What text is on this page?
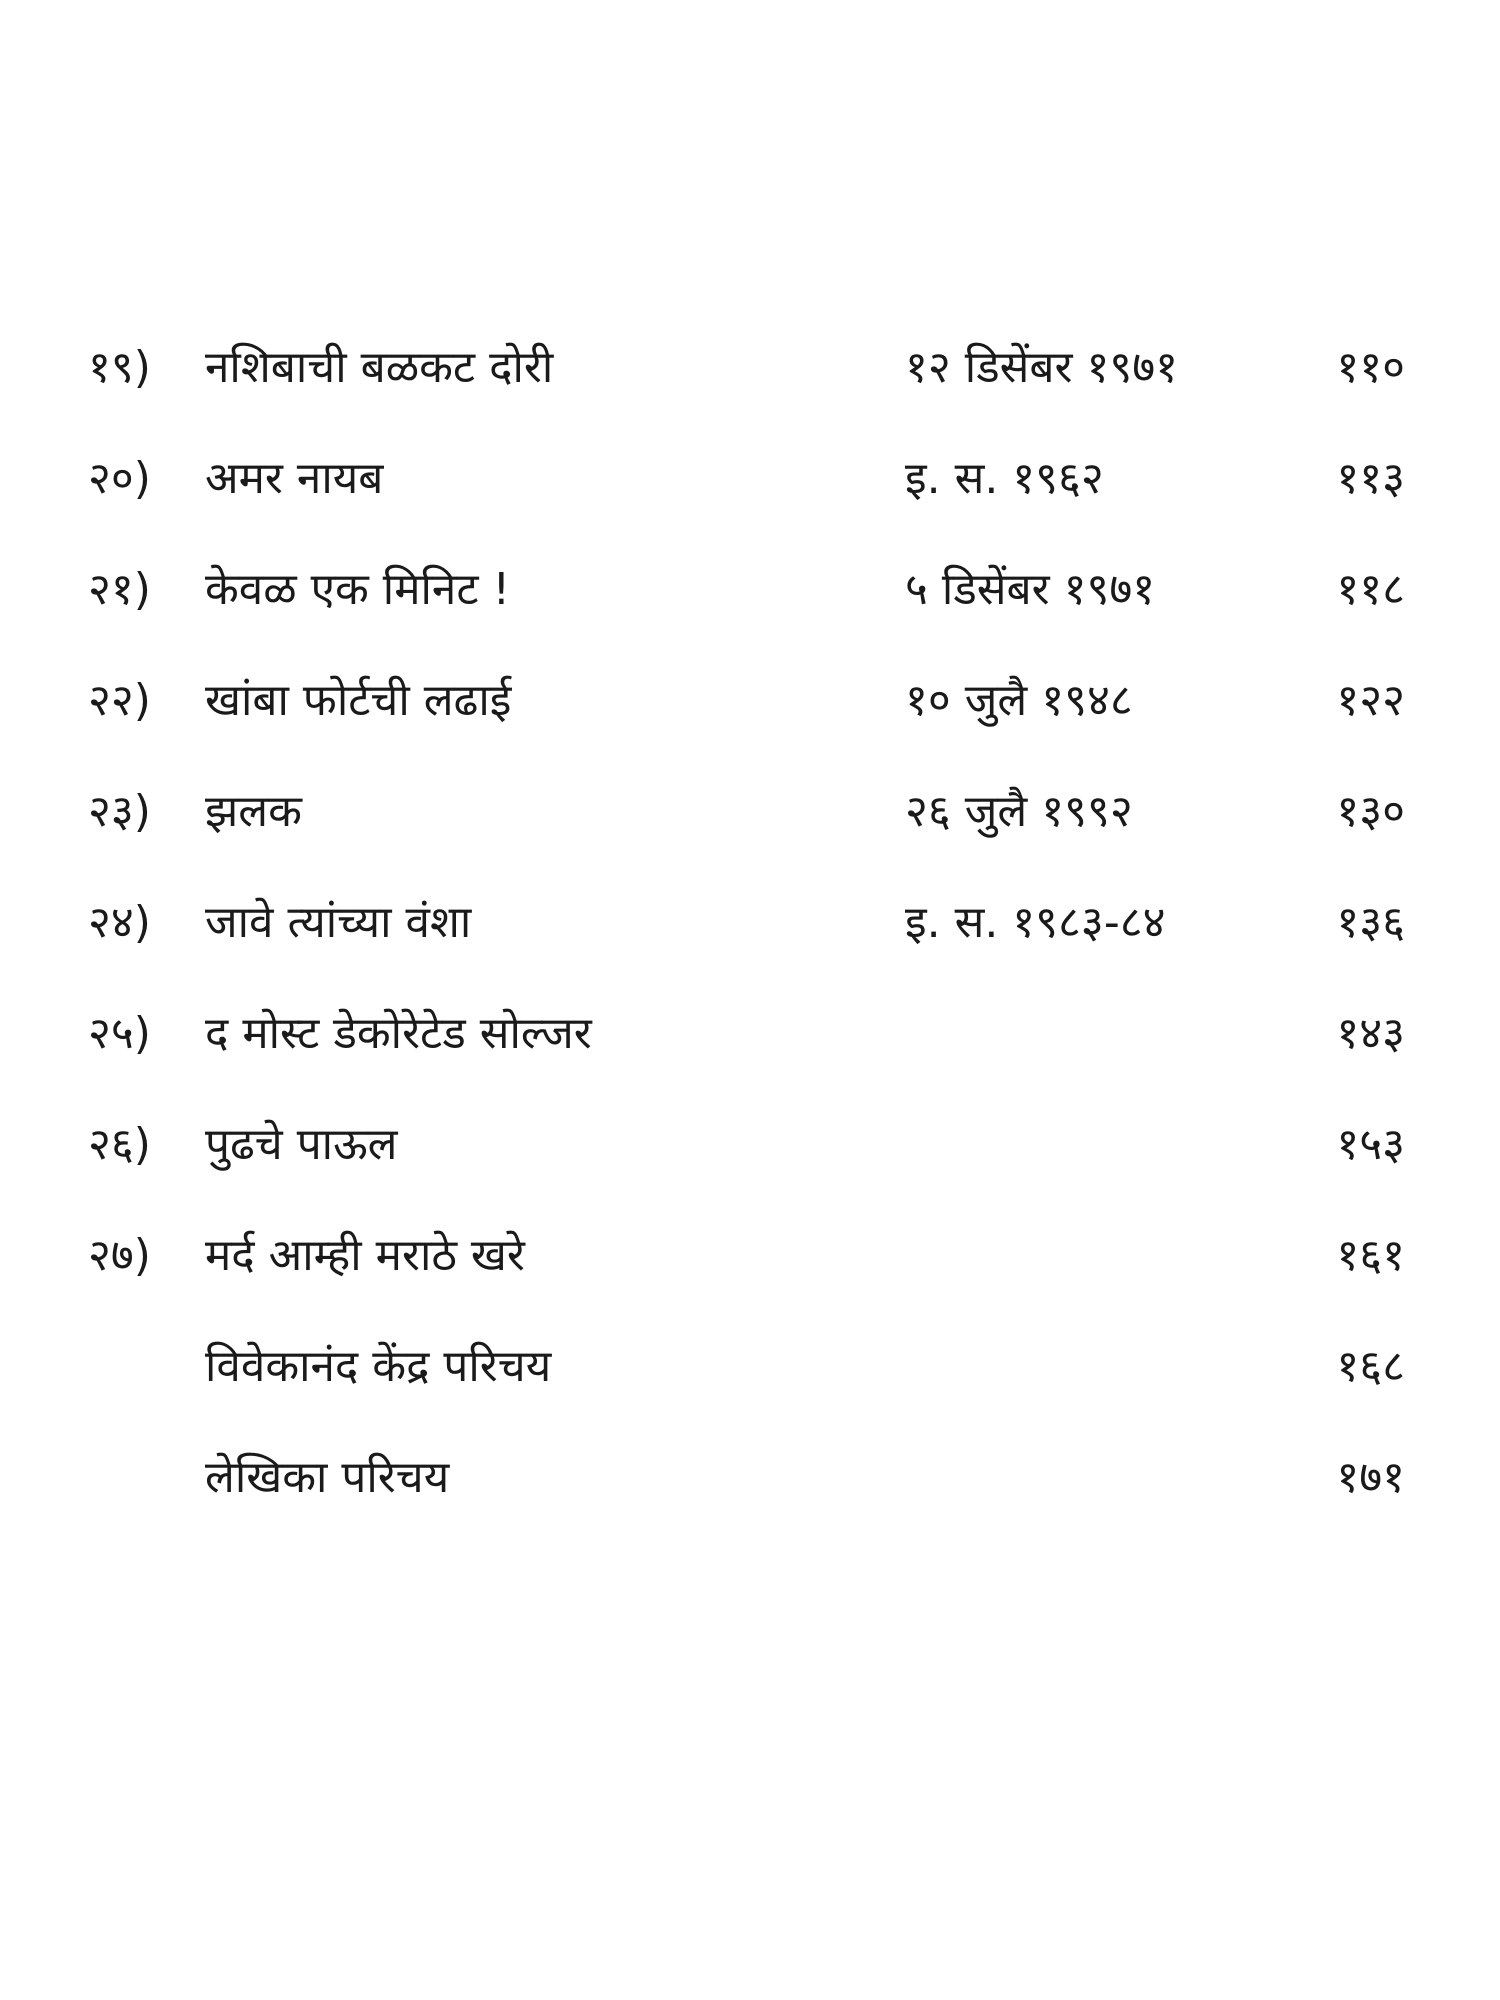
१९) नशिबाची बळकट दोरी	१२ डिसेंबर १९७१	११०
२०) अमर नायब	इ. स. १९६२	११३
२१) केवळ एक मिनिट !	५ डिसेंबर १९७१	११८
२२) खांबा फोर्टची लढाई	१० जुलै १९४८	१२२
२३) झलक	२६ जुलै १९९२	१३०
२४) जावे त्यांच्या वंशा	इ. स. १९८३-८४	१३६
२५) द मोस्ट डेकोरेटेड सोल्जर	१४३
२६) पुढचे पाऊल	१५३
२७) मर्द आम्ही मराठे खरे	१६१
विवेकानंद केंद्र परिचय	१६८
लेखिका परिचय	१७१
